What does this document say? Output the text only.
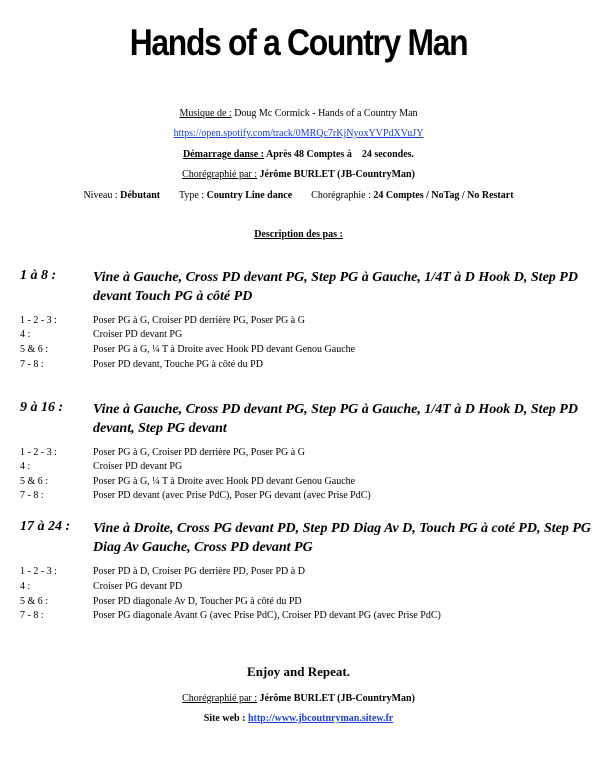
Hands of a Country Man
Musique de : Doug Mc Cormick - Hands of a Country Man
https://open.spotify.com/track/0MRQc7rKjNyoxYVPdXVuJY
Démarrage danse : Après 48 Comptes à    24 secondes.
Chorégraphié par : Jérôme BURLET (JB-CountryMan)
Niveau : Débutant Type : Country Line dance Chorégraphie : 24 Comptes / NoTag / No Restart
Description des pas :
1 à 8 :	Vine à Gauche, Cross PD devant PG, Step PG à Gauche, 1/4T à D Hook D, Step PD devant Touch PG à côté PD
1 - 2 - 3 :	Poser PG à G, Croiser PD derrière PG, Poser PG à G
4 :	Croiser PD devant PG
5 & 6 :	Poser PG à G, ¼ T à Droite avec Hook PD devant Genou Gauche
7 - 8 :	Poser PD devant, Touche PG à côté du PD
9 à 16 :	Vine à Gauche, Cross PD devant PG, Step PG à Gauche, 1/4T à D Hook D, Step PD devant, Step PG devant
1 - 2 - 3 :	Poser PG à G, Croiser PD derrière PG, Poser PG à G
4 :	Croiser PD devant PG
5 & 6 :	Poser PG à G, ¼ T à Droite avec Hook PD devant Genou Gauche
7 - 8 :	Poser PD devant (avec Prise PdC), Poser PG devant (avec Prise PdC)
17 à 24 :	Vine à Droite, Cross PG devant PD, Step PD Diag Av D, Touch PG à coté PD, Step PG Diag Av Gauche, Cross PD devant PG
1 - 2 - 3 :	Poser PD à D, Croiser PG derrière PD, Poser PD à D
4 :	Croiser PG devant PD
5 & 6 :	Poser PD diagonale Av D, Toucher PG à côté du PD
7 - 8 :	Poser PG diagonale Avant G (avec Prise PdC), Croiser PD devant PG (avec Prise PdC)
Enjoy and Repeat.
Chorégraphié par : Jérôme BURLET (JB-CountryMan)
Site web : http://www.jbcoutnryman.sitew.fr
